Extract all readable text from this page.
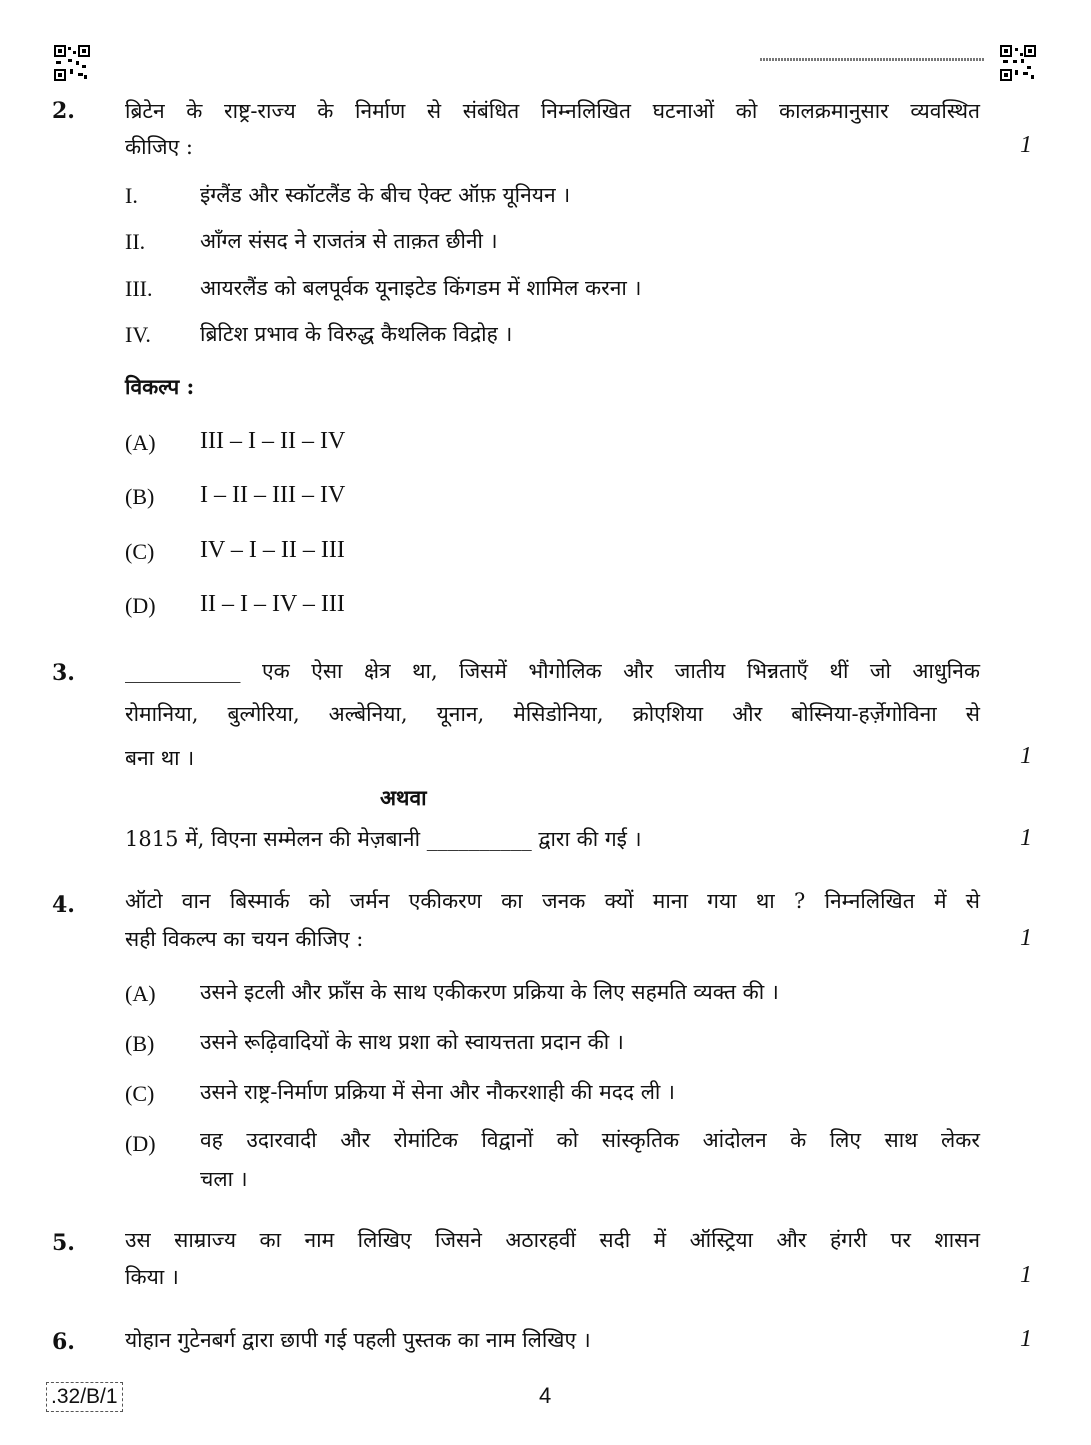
2. ब्रिटेन के राष्ट्र-राज्य के निर्माण से संबंधित निम्नलिखित घटनाओं को कालक्रमानुसार व्यवस्थित
कीजिए :	1
I.	इंग्लैंड और स्कॉटलैंड के बीच ऐक्ट ऑफ़ यूनियन ।
II.	आँग्ल संसद ने राजतंत्र से ताक़त छीनी ।
III. आयरलैंड को बलपूर्वक यूनाइटेड किंगडम में शामिल करना ।
IV. ब्रिटिश प्रभाव के विरुद्ध कैथलिक विद्रोह ।
विकल्प :
(A) III – I – II – IV
(B) I – II – III – IV
(C) IV – I – II – III
(D) II – I – IV – III
3. ___________ एक ऐसा क्षेत्र था, जिसमें भौगोलिक और जातीय भिन्नताएँ थीं जो आधुनिक
रोमानिया, बुल्गेरिया, अल्बेनिया, यूनान, मेसिडोनिया, क्रोएशिया और बोस्निया-हर्ज़ेगोविना से
बना था ।	1
अथवा
1815 में, विएना सम्मेलन की मेज़बानी __________ द्वारा की गई ।	1
4. ऑटो वान बिस्मार्क को जर्मन एकीकरण का जनक क्यों माना गया था ? निम्नलिखित में से
सही विकल्प का चयन कीजिए :	1
(A) उसने इटली और फ्राँस के साथ एकीकरण प्रक्रिया के लिए सहमति व्यक्त की ।
(B) उसने रूढ़िवादियों के साथ प्रशा को स्वायत्तता प्रदान की ।
(C) उसने राष्ट्र-निर्माण प्रक्रिया में सेना और नौकरशाही की मदद ली ।
(D) वह उदारवादी और रोमांटिक विद्वानों को सांस्कृतिक आंदोलन के लिए साथ लेकर
चला ।
5. उस साम्राज्य का नाम लिखिए जिसने अठारहवीं सदी में ऑस्ट्रिया और हंगरी पर शासन
किया ।	1
6. योहान गुटेनबर्ग द्वारा छापी गई पहली पुस्तक का नाम लिखिए ।	1
.32/B/1	4
